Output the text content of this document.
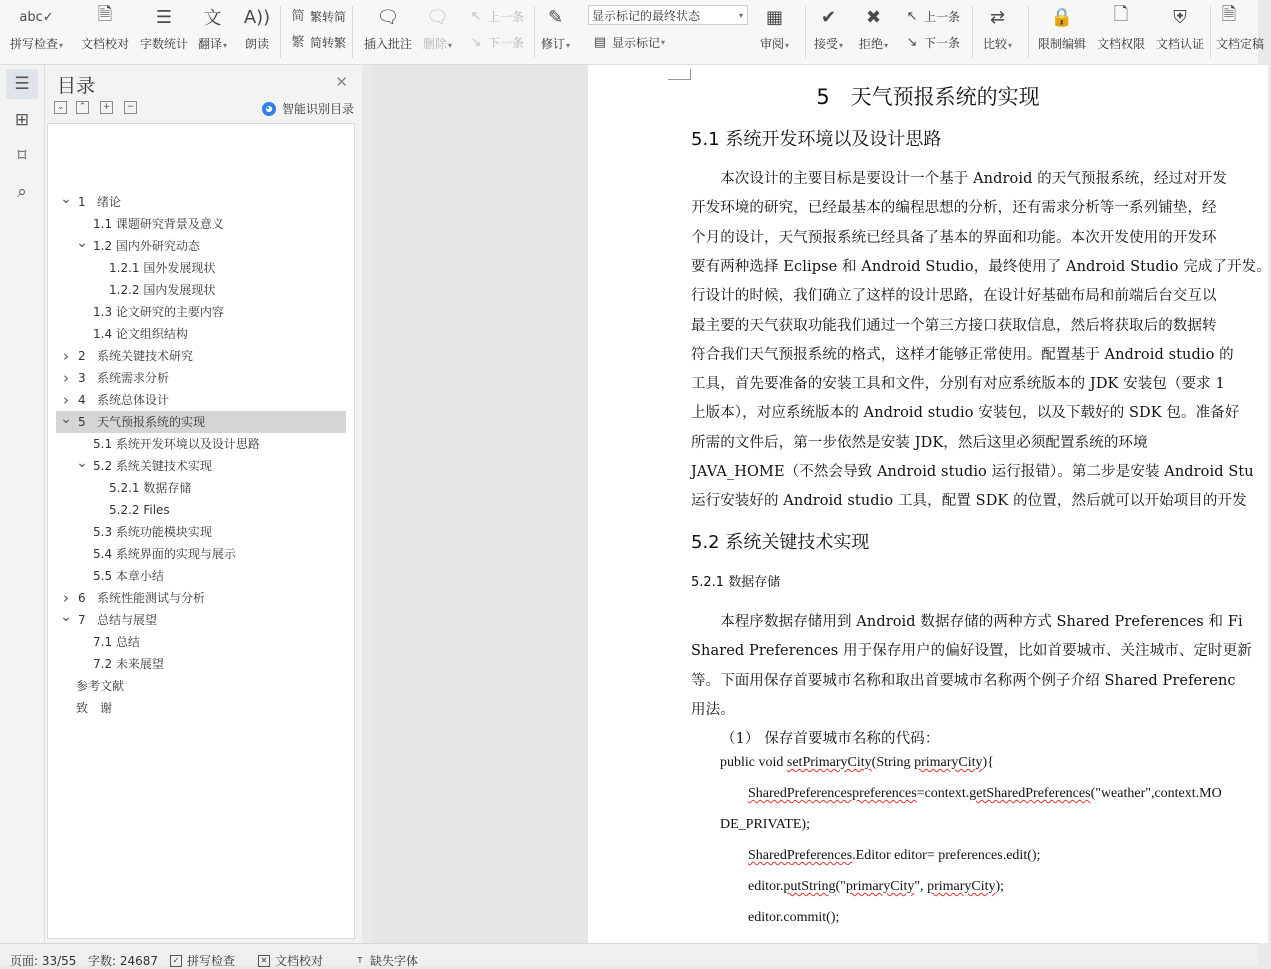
abc✓
拼写检查▾
🗎
文档校对
☰
字数统计
文
翻译▾
A))
朗读
简 繁转简
繁 简转繁
🗨
插入批注
🗨
删除▾
↖ 上一条
↘ 下一条
✎
修订▾
显示标记的最终状态	▾
▤ 显示标记 ▾
▦
审阅▾
✔
接受▾
✖
拒绝▾
↖ 上一条
↘ 下一条
⇄
比较▾
🔒
限制编辑
🗋
文档权限
⛨
文档认证
🗎
文档定稿
☰
⊞
⌑
⌕
目录	✕
⌄	⌃	+	−	◕ 智能识别目录
⌄ 1 绪论
1.1 课题研究背景及意义
⌄ 1.2 国内外研究动态
1.2.1 国外发展现状
1.2.2 国内发展现状
1.3 论文研究的主要内容
1.4 论文组织结构
› 2 系统关键技术研究
› 3 系统需求分析
› 4 系统总体设计
⌄ 5 天气预报系统的实现
5.1 系统开发环境以及设计思路
⌄ 5.2 系统关键技术实现
5.2.1 数据存储
5.2.2 Files
5.3 系统功能模块实现
5.4 系统界面的实现与展示
5.5 本章小结
› 6 系统性能测试与分析
⌄ 7 总结与展望
7.1 总结
7.2 未来展望
参考文献
致　谢
5　天气预报系统的实现
5.1 系统开发环境以及设计思路
　　本次设计的主要目标是要设计一个基于 Android 的天气预报系统，经过对开发
开发环境的研究，已经最基本的编程思想的分析，还有需求分析等一系列铺垫，经
个月的设计，天气预报系统已经具备了基本的界面和功能。本次开发使用的开发环
要有两种选择 Eclipse 和 Android Studio，最终使用了 Android Studio 完成了开发。
行设计的时候，我们确立了这样的设计思路，在设计好基础布局和前端后台交互以
最主要的天气获取功能我们通过一个第三方接口获取信息，然后将获取后的数据转
符合我们天气预报系统的格式，这样才能够正常使用。配置基于 Android studio 的
工具，首先要准备的安装工具和文件，分别有对应系统版本的 JDK 安装包（要求 1
上版本），对应系统版本的 Android studio 安装包，以及下载好的 SDK 包。准备好
所需的文件后，第一步依然是安装 JDK，然后这里必须配置系统的环境
JAVA_HOME（不然会导致 Android studio 运行报错）。第二步是安装 Android Stu
运行安装好的 Android studio 工具，配置 SDK 的位置，然后就可以开始项目的开发
5.2 系统关键技术实现
5.2.1 数据存储
　　本程序数据存储用到 Android 数据存储的两种方式 Shared Preferences 和 Fi
Shared Preferences 用于保存用户的偏好设置，比如首要城市、关注城市、定时更新
等。下面用保存首要城市名称和取出首要城市名称两个例子介绍 Shared Preferenc
用法。
（1） 保存首要城市名称的代码：
public void setPrimaryCity(String primaryCity){
SharedPreferencespreferences=context.getSharedPreferences("weather",context.MO
DE_PRIVATE);
SharedPreferences.Editor editor= preferences.edit();
editor.putString("primaryCity", primaryCity);
editor.commit();
页面: 33/55 字数: 24687	✓ 拼写检查	✕ 文档校对	T 缺失字体
